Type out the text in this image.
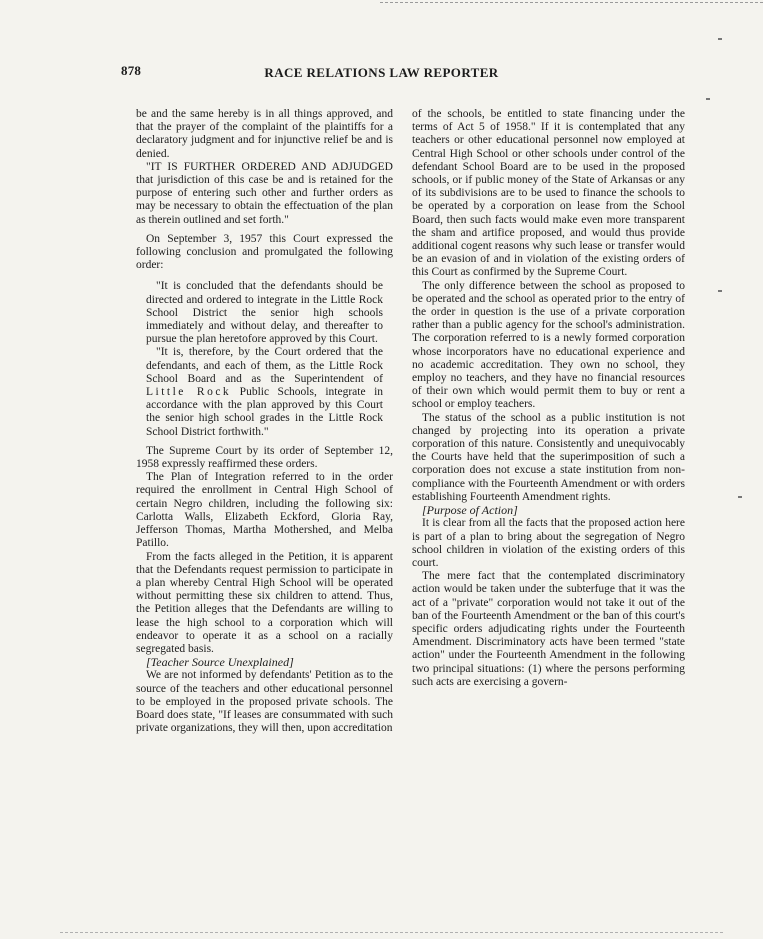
878	RACE RELATIONS LAW REPORTER

be and the same hereby is in all things approved, and that the prayer of the complaint of the plaintiffs for a declaratory judgment and for injunctive relief be and is denied.

"IT IS FURTHER ORDERED AND ADJUDGED that jurisdiction of this case be and is retained for the purpose of entering such other and further orders as may be necessary to obtain the effectuation of the plan as therein outlined and set forth."

On September 3, 1957 this Court expressed the following conclusion and promulgated the following order:

"It is concluded that the defendants should be directed and ordered to integrate in the Little Rock School District the senior high schools immediately and without delay, and thereafter to pursue the plan heretofore approved by this Court.

"It is, therefore, by the Court ordered that the defendants, and each of them, as the Little Rock School Board and as the Superintendent of Little Rock Public Schools, integrate in accordance with the plan approved by this Court the senior high school grades in the Little Rock School District forthwith."

The Supreme Court by its order of September 12, 1958 expressly reaffirmed these orders.

The Plan of Integration referred to in the order required the enrollment in Central High School of certain Negro children, including the following six: Carlotta Walls, Elizabeth Eckford, Gloria Ray, Jefferson Thomas, Martha Mothershed, and Melba Patillo.

From the facts alleged in the Petition, it is apparent that the Defendants request permission to participate in a plan whereby Central High School will be operated without permitting these six children to attend. Thus, the Petition alleges that the Defendants are willing to lease the high school to a corporation which will endeavor to operate it as a school on a racially segregated basis.

[Teacher Source Unexplained]

We are not informed by defendants' Petition as to the source of the teachers and other educational personnel to be employed in the proposed private schools. The Board does state, "If leases are consummated with such private organizations, they will then, upon accreditation

of the schools, be entitled to state financing under the terms of Act 5 of 1958." If it is contemplated that any teachers or other educational personnel now employed at Central High School or other schools under control of the defendant School Board are to be used in the proposed schools, or if public money of the State of Arkansas or any of its subdivisions are to be used to finance the schools to be operated by a corporation on lease from the School Board, then such facts would make even more transparent the sham and artifice proposed, and would thus provide additional cogent reasons why such lease or transfer would be an evasion of and in violation of the existing orders of this Court as confirmed by the Supreme Court.

The only difference between the school as proposed to be operated and the school as operated prior to the entry of the order in question is the use of a private corporation rather than a public agency for the school's administration. The corporation referred to is a newly formed corporation whose incorporators have no educational experience and no academic accreditation. They own no school, they employ no teachers, and they have no financial resources of their own which would permit them to buy or rent a school or employ teachers.

The status of the school as a public institution is not changed by projecting into its operation a private corporation of this nature. Consistently and unequivocably the Courts have held that the superimposition of such a corporation does not excuse a state institution from non-compliance with the Fourteenth Amendment or with orders establishing Fourteenth Amendment rights.

[Purpose of Action]

It is clear from all the facts that the proposed action here is part of a plan to bring about the segregation of Negro school children in violation of the existing orders of this court.

The mere fact that the contemplated discriminatory action would be taken under the subterfuge that it was the act of a "private" corporation would not take it out of the ban of the Fourteenth Amendment or the ban of this court's specific orders adjudicating rights under the Fourteenth Amendment. Discriminatory acts have been termed "state action" under the Fourteenth Amendment in the following two principal situations: (1) where the persons performing such acts are exercising a govern-
